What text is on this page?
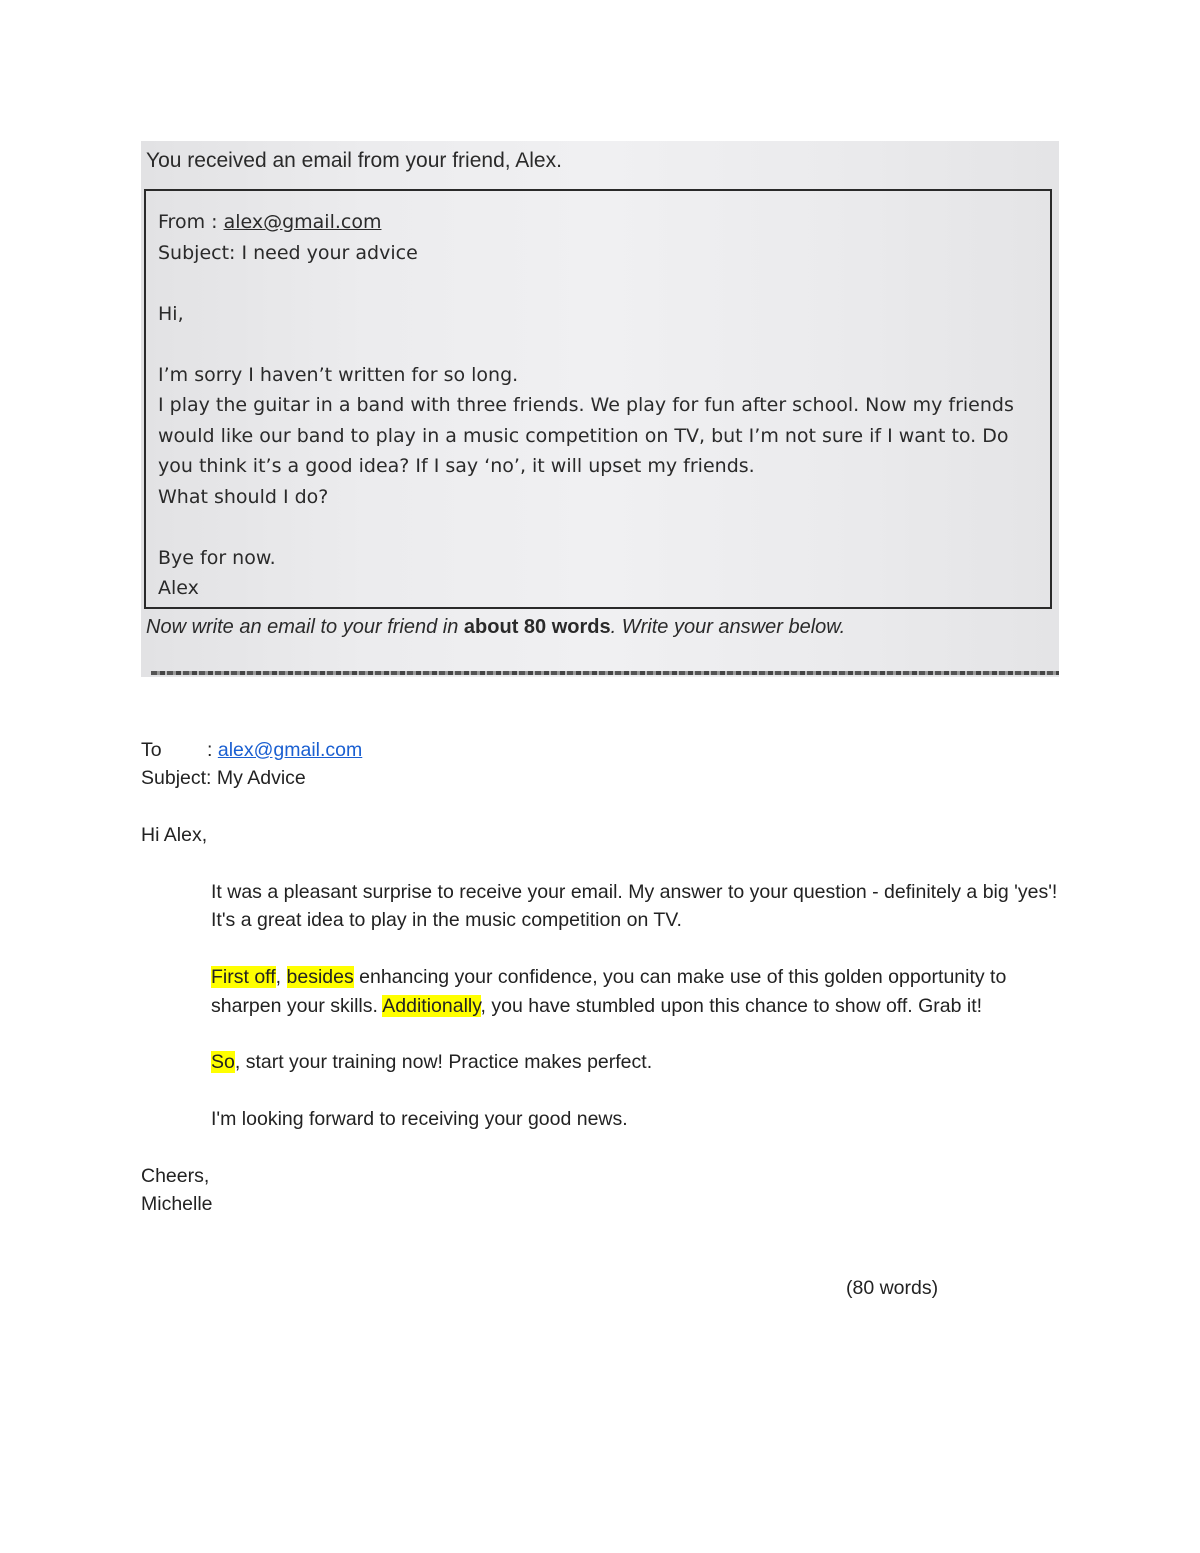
You received an email from your friend, Alex.

From : alex@gmail.com

Subject: I need your advice

Hi,

I’m sorry I haven’t written for so long.

I play the guitar in a band with three friends. We play for fun after school. Now my friends would like our band to play in a music competition on TV, but I’m not sure if I want to. Do you think it’s a good idea? If I say ‘no’, it will upset my friends.

What should I do?

Bye for now.

Alex

Now write an email to your friend in about 80 words. Write your answer below.

To : alex@gmail.com

Subject: My Advice

Hi Alex,

It was a pleasant surprise to receive your email. My answer to your question - definitely a big 'yes'! It's a great idea to play in the music competition on TV.

First off, besides enhancing your confidence, you can make use of this golden opportunity to sharpen your skills. Additionally, you have stumbled upon this chance to show off. Grab it!

So, start your training now! Practice makes perfect.

I'm looking forward to receiving your good news.

Cheers,

Michelle

(80 words)
